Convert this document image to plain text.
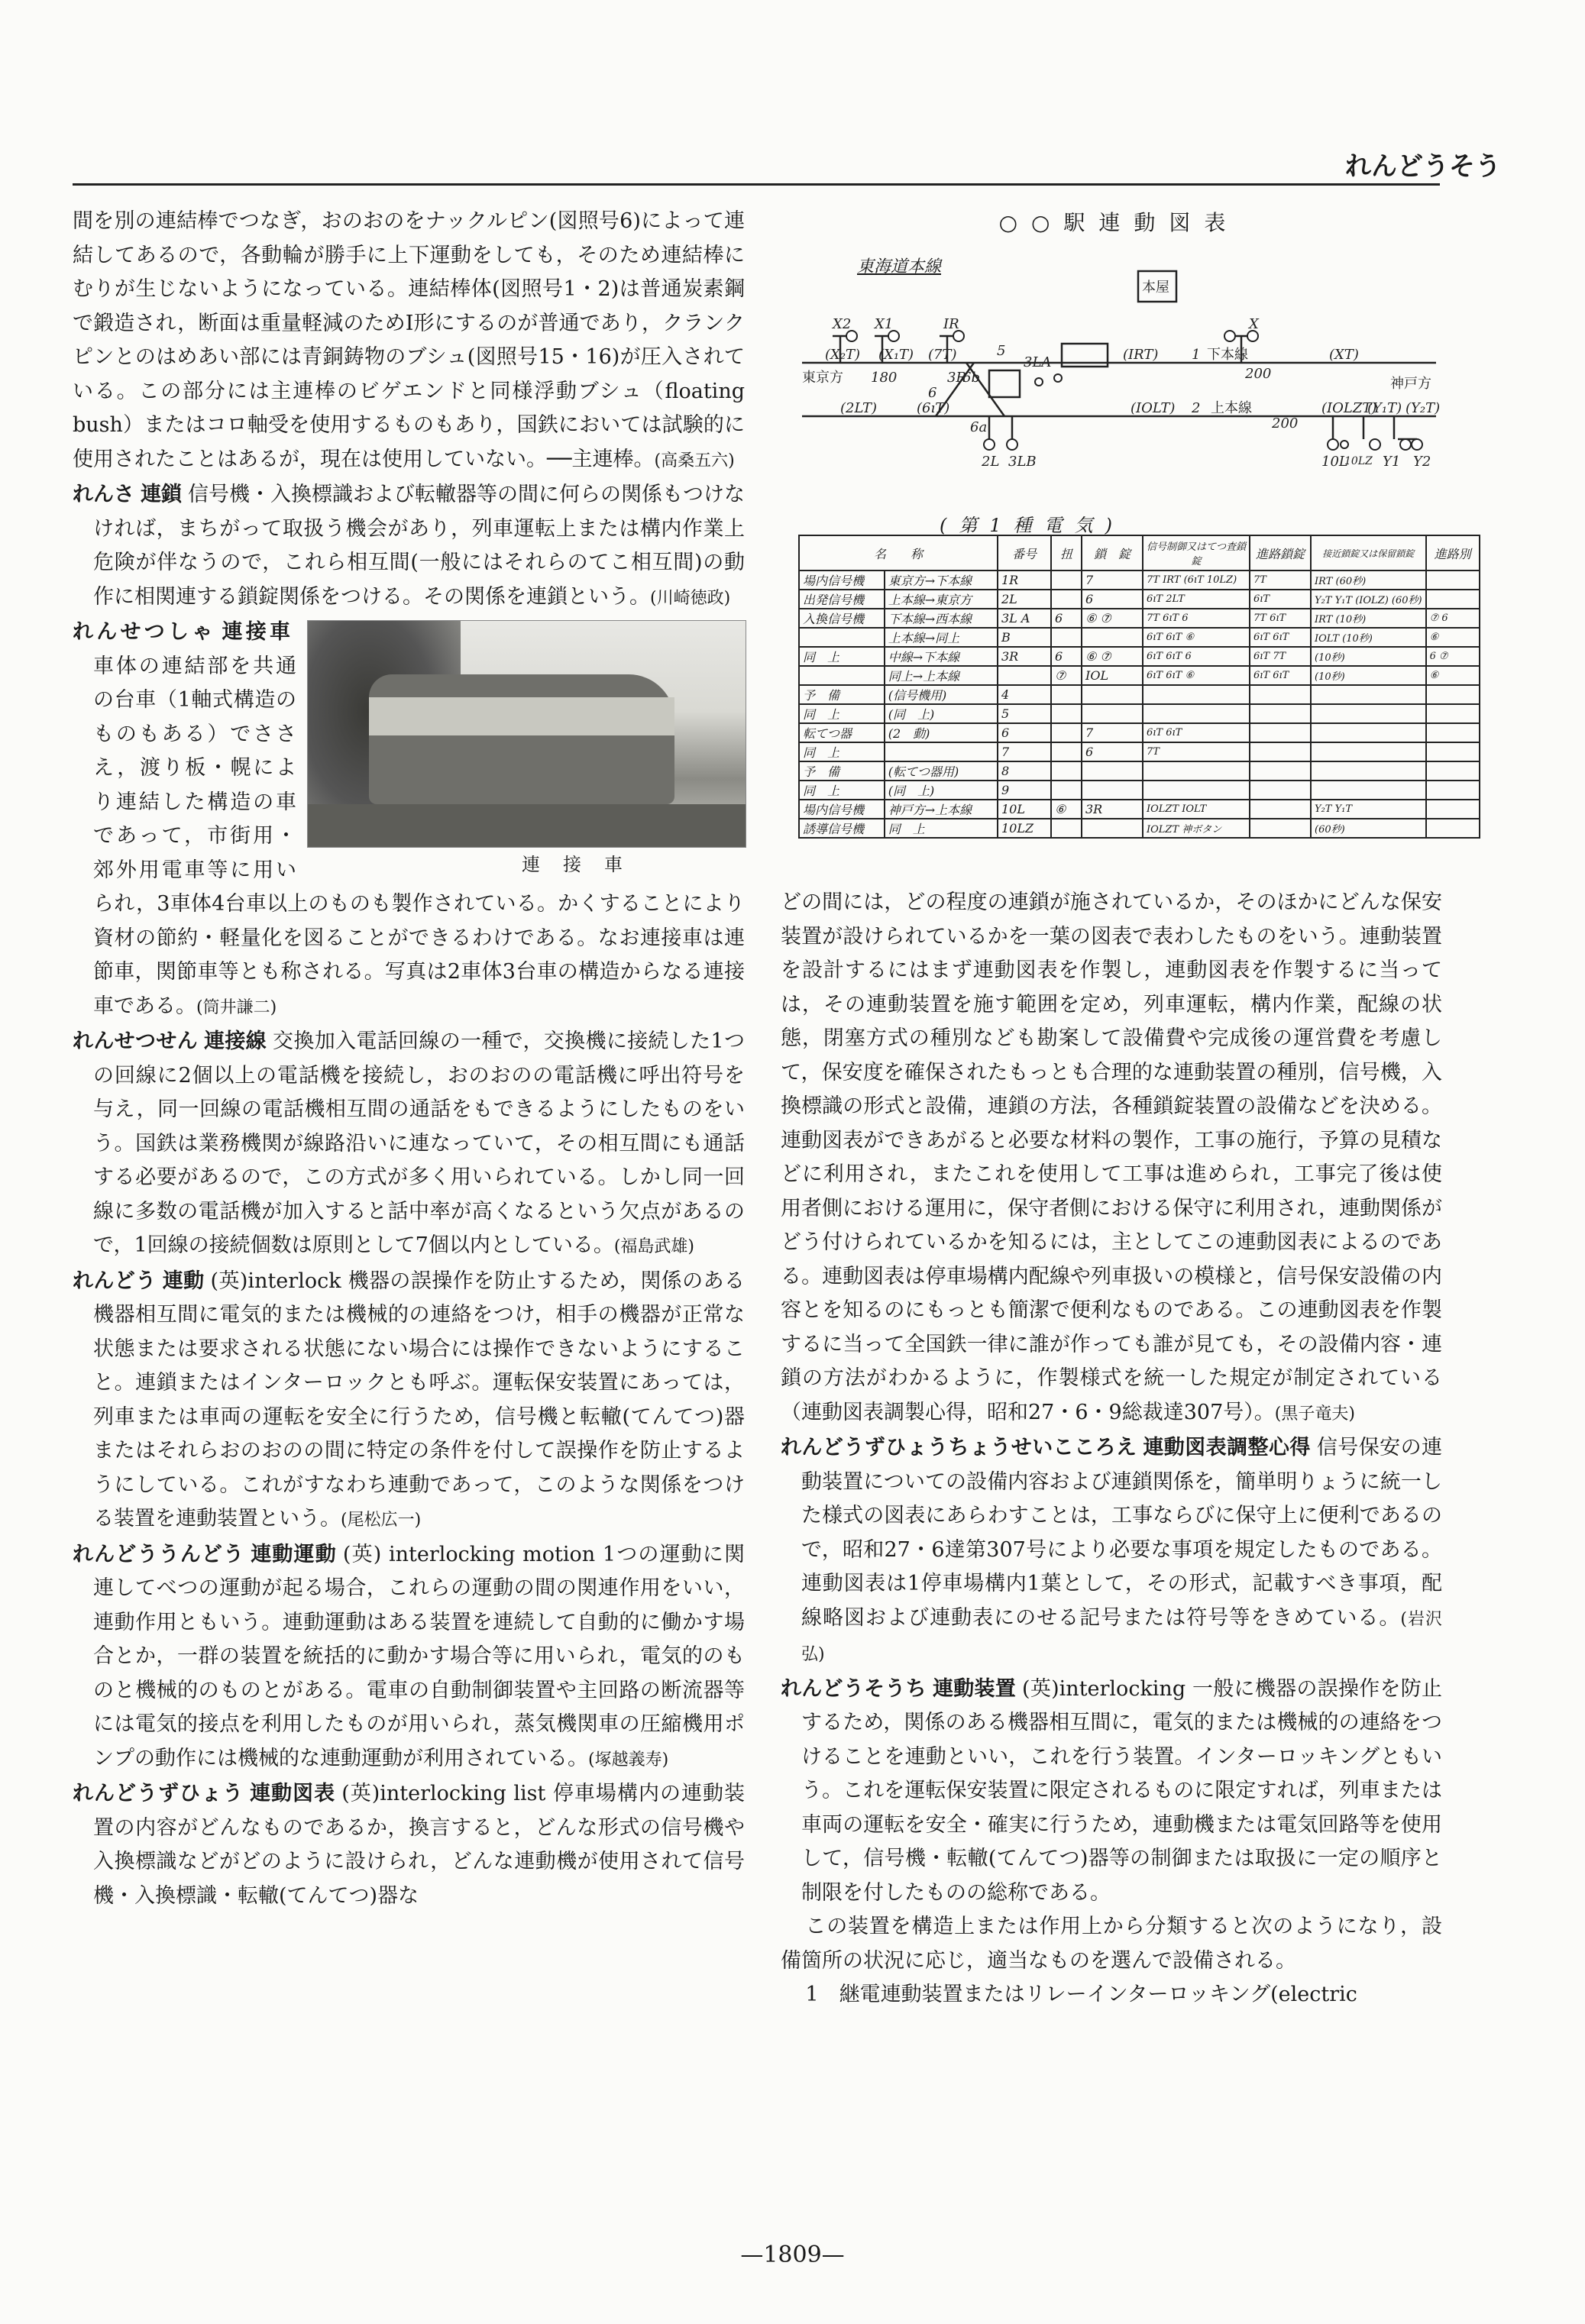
れんどうそう

間を別の連結棒でつなぎ，おのおのをナックルピン(図照号6)によって連結してあるので，各動輪が勝手に上下運動をしても，そのため連結棒にむりが生じないようになっている。連結棒体(図照号1・2)は普通炭素鋼で鍛造され，断面は重量軽減のためI形にするのが普通であり，クランクピンとのはめあい部には青銅鋳物のブシュ(図照号15・16)が圧入されている。この部分には主連棒のビゲエンドと同様浮動ブシュ（floating bush）またはコロ軸受を使用するものもあり，国鉄においては試験的に使用されたことはあるが，現在は使用していない。──主連棒。(高桑五六)

れんさ 連鎖 信号機・入換標識および転轍器等の間に何らの関係もつけなければ，まちがって取扱う機会があり，列車運転上または構内作業上危険が伴なうので，これら相互間(一般にはそれらのてこ相互間)の動作に相関連する鎖錠関係をつける。その関係を連鎖という。(川崎徳政)

れんせつしゃ 連接車
連接車
車体の連結部を共通の台車（1軸式構造のものもある）でささえ，渡り板・幌により連結した構造の車であって，市街用・郊外用電車等に用いられ，3車体4台車以上のものも製作されている。かくすることにより資材の節約・軽量化を図ることができるわけである。なお連接車は連節車，関節車等とも称される。写真は2車体3台車の構造からなる連接車である。(筒井謙二)

れんせつせん 連接線 交換加入電話回線の一種で，交換機に接続した1つの回線に2個以上の電話機を接続し，おのおのの電話機に呼出符号を与え，同一回線の電話機相互間の通話をもできるようにしたものをいう。国鉄は業務機関が線路沿いに連なっていて，その相互間にも通話する必要があるので，この方式が多く用いられている。しかし同一回線に多数の電話機が加入すると話中率が高くなるという欠点があるので，1回線の接続個数は原則として7個以内としている。(福島武雄)

れんどう 連動 (英)interlock 機器の誤操作を防止するため，関係のある機器相互間に電気的または機械的の連絡をつけ，相手の機器が正常な状態または要求される状態にない場合には操作できないようにすること。連鎖またはインターロックとも呼ぶ。運転保安装置にあっては，列車または車両の運転を安全に行うため，信号機と転轍(てんてつ)器またはそれらおのおのの間に特定の条件を付して誤操作を防止するようにしている。これがすなわち連動であって，このような関係をつける装置を連動装置という。(尾松広一)

れんどううんどう 連動運動 (英) interlocking motion 1つの運動に関連してべつの運動が起る場合，これらの運動の間の関連作用をいい，連動作用ともいう。連動運動はある装置を連続して自動的に働かす場合とか，一群の装置を統括的に動かす場合等に用いられ，電気的のものと機械的のものとがある。電車の自動制御装置や主回路の断流器等には電気的接点を利用したものが用いられ，蒸気機関車の圧縮機用ポンプの動作には機械的な連動運動が利用されている。(塚越義寿)

れんどうずひょう 連動図表 (英)interlocking list 停車場構内の連動装置の内容がどんなものであるか，換言すると，どんな形式の信号機や入換標識などがどのように設けられ，どんな連動機が使用されて信号機・入換標識・転轍(てんてつ)器な

○○駅連動図表
東海道本線
X2 X1	IR	X
本屋
東京方	神戸方
(X₂T) (X₁T) (7T)	(IRT)	下本線
1	(XT)
200
180
(2LT)	(6ıT)	(IOLT) 2 上本線
200
(IOLZT)
(Y₁T) (Y₂T)
3R
3LA
6
6a
6b
5
2L 3LB	10L
10LZ Y1 Y2
(第1種電気)
名　　称		番号	扭	鎖　錠	信号制御又はてつ査鎖錠	進路鎖錠	接近鎖錠又は保留鎖錠	進路別
場内信号機	東京方→下本線	1R		7	7T IRT (6ıT 10LZ)	7T	IRT (60秒)	
出発信号機	上本線→東京方	2L		6	6ıT 2LT	6ıT	Y₂T Y₁T (IOLZ) (60秒)	
入換信号機	下本線→西本線	3L A	6	⑥ ⑦	7T 6ıT 6	7T 6ıT	IRT (10秒)	⑦ 6
	上本線→同上	B			6ıT 6ıT ⑥	6ıT 6ıT	IOLT (10秒)	⑥
同　上	中線→下本線	3R	6	⑥ ⑦	6ıT 6ıT 6	6ıT 7T	(10秒)	6 ⑦
	同上→上本線		⑦	IOL	6ıT 6ıT ⑥	6ıT 6ıT	(10秒)	⑥
予　備	(信号機用)	4						
同　上	(同　上)	5						
転てつ器	(2　動)	6		7	6ıT 6ıT			
同　上		7		6	7T			
予　備	(転てつ器用)	8						
同　上	(同　上)	9						
場内信号機	神戸方→上本線	10L	⑥	3R	IOLZT IOLT		Y₂T Y₁T	
誘導信号機	同　上	10LZ			IOLZT 神ボタン		(60秒)	

どの間には，どの程度の連鎖が施されているか，そのほかにどんな保安装置が設けられているかを一葉の図表で表わしたものをいう。連動装置を設計するにはまず連動図表を作製し，連動図表を作製するに当っては，その連動装置を施す範囲を定め，列車運転，構内作業，配線の状態，閉塞方式の種別なども勘案して設備費や完成後の運営費を考慮して，保安度を確保されたもっとも合理的な連動装置の種別，信号機，入換標識の形式と設備，連鎖の方法，各種鎖錠装置の設備などを決める。連動図表ができあがると必要な材料の製作，工事の施行，予算の見積などに利用され，またこれを使用して工事は進められ，工事完了後は使用者側における運用に，保守者側における保守に利用され，連動関係がどう付けられているかを知るには，主としてこの連動図表によるのである。連動図表は停車場構内配線や列車扱いの模様と，信号保安設備の内容とを知るのにもっとも簡潔で便利なものである。この連動図表を作製するに当って全国鉄一律に誰が作っても誰が見ても，その設備内容・連鎖の方法がわかるように，作製様式を統一した規定が制定されている（連動図表調製心得，昭和27・6・9総裁達307号）。(黒子竜夫)

れんどうずひょうちょうせいこころえ 連動図表調整心得 信号保安の連動装置についての設備内容および連鎖関係を，簡単明りょうに統一した様式の図表にあらわすことは，工事ならびに保守上に便利であるので，昭和27・6達第307号により必要な事項を規定したものである。連動図表は1停車場構内1葉として，その形式，記載すべき事項，配線略図および連動表にのせる記号または符号等をきめている。(岩沢　弘)

れんどうそうち 連動装置 (英)interlocking 一般に機器の誤操作を防止するため，関係のある機器相互間に，電気的または機械的の連絡をつけることを連動といい，これを行う装置。インターロッキングともいう。これを運転保安装置に限定されるものに限定すれば，列車または車両の運転を安全・確実に行うため，連動機または電気回路等を使用して，信号機・転轍(てんてつ)器等の制御または取扱に一定の順序と制限を付したものの総称である。

この装置を構造上または作用上から分類すると次のようになり，設備箇所の状況に応じ，適当なものを選んで設備される。

1　継電連動装置またはリレーインターロッキング(electric

—1809—
